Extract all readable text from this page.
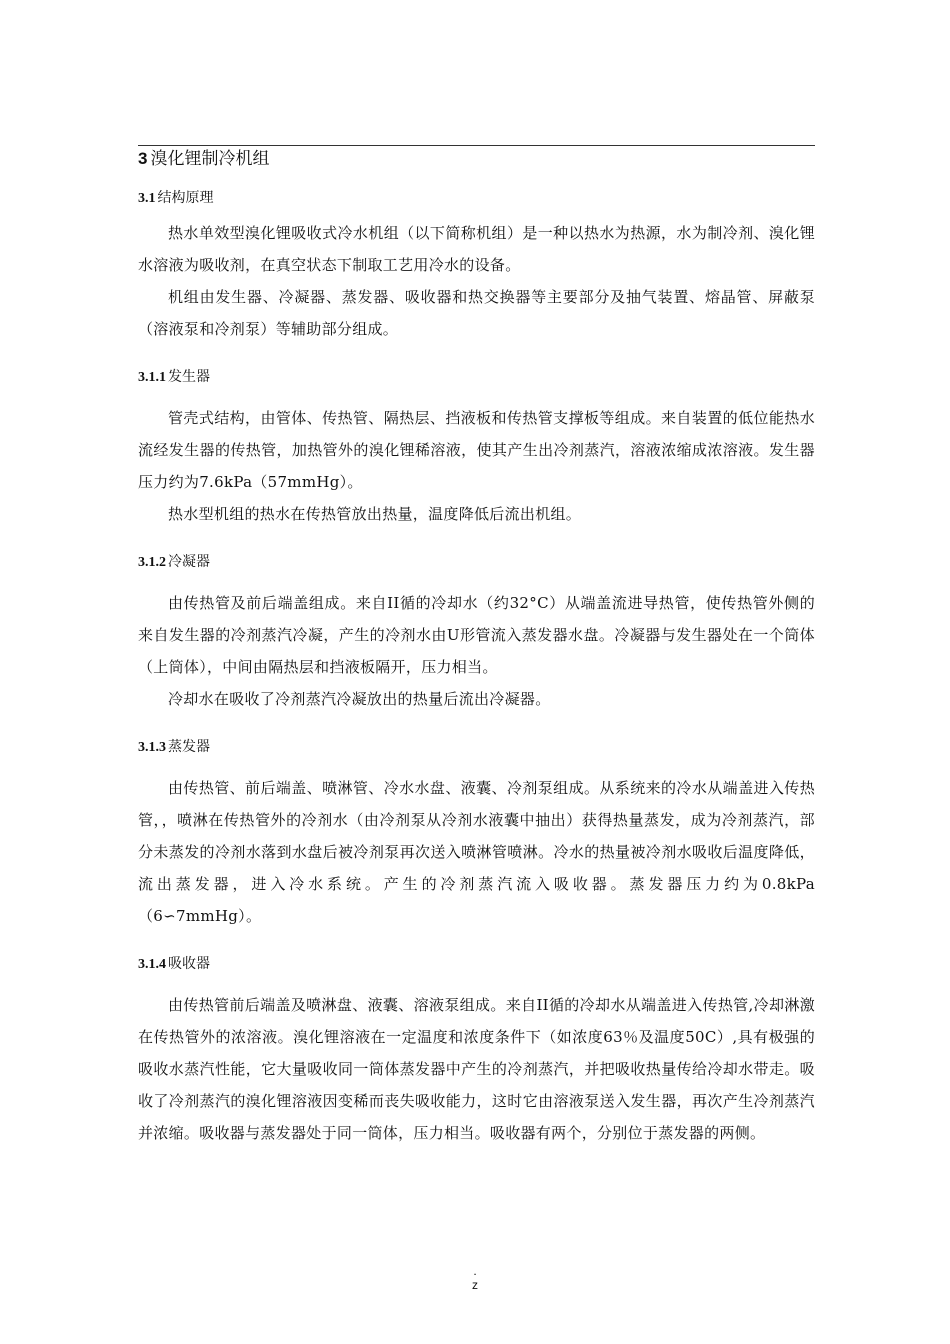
3 溴化锂制冷机组
3.1 结构原理

热水单效型溴化锂吸收式冷水机组（以下简称机组）是一种以热水为热源，水为制冷剂、溴化锂水溶液为吸收剂，在真空状态下制取工艺用冷水的设备。

机组由发生器、冷凝器、蒸发器、吸收器和热交换器等主要部分及抽气装置、熔晶管、屏蔽泵（溶液泵和冷剂泵）等辅助部分组成。

3.1.1 发生器

管壳式结构，由管体、传热管、隔热层、挡液板和传热管支撑板等组成。来自装置的低位能热水流经发生器的传热管，加热管外的溴化锂稀溶液，使其产生出冷剂蒸汽，溶液浓缩成浓溶液。发生器压力约为7.6kPa（57mmHg）。

热水型机组的热水在传热管放出热量，温度降低后流出机组。

3.1.2 冷凝器

由传热管及前后端盖组成。来自II循的冷却水（约32°C）从端盖流进导热管，使传热管外侧的来自发生器的冷剂蒸汽冷凝，产生的冷剂水由U形管流入蒸发器水盘。冷凝器与发生器处在一个筒体（上筒体），中间由隔热层和挡液板隔开，压力相当。

冷却水在吸收了冷剂蒸汽冷凝放出的热量后流出冷凝器。

3.1.3 蒸发器

由传热管、前后端盖、喷淋管、冷水水盘、液囊、冷剂泵组成。从系统来的冷水从端盖进入传热管，，喷淋在传热管外的冷剂水（由冷剂泵从冷剂水液囊中抽出）获得热量蒸发，成为冷剂蒸汽，部分未蒸发的冷剂水落到水盘后被冷剂泵再次送入喷淋管喷淋。冷水的热量被冷剂水吸收后温度降低，流出蒸发器，进入冷水系统。产生的冷剂蒸汽流入吸收器。蒸发器压力约为0.8kPa（6∽7mmHg）。

3.1.4 吸收器

由传热管前后端盖及喷淋盘、液囊、溶液泵组成。来自II循的冷却水从端盖进入传热管,冷却淋激在传热管外的浓溶液。溴化锂溶液在一定温度和浓度条件下（如浓度63％及温度50C）,具有极强的吸收水蒸汽性能，它大量吸收同一筒体蒸发器中产生的冷剂蒸汽，并把吸收热量传给冷却水带走。吸收了冷剂蒸汽的溴化锂溶液因变稀而丧失吸收能力，这时它由溶液泵送入发生器，再次产生冷剂蒸汽并浓缩。吸收器与蒸发器处于同一筒体，压力相当。吸收器有两个，分别位于蒸发器的两侧。

.
z
